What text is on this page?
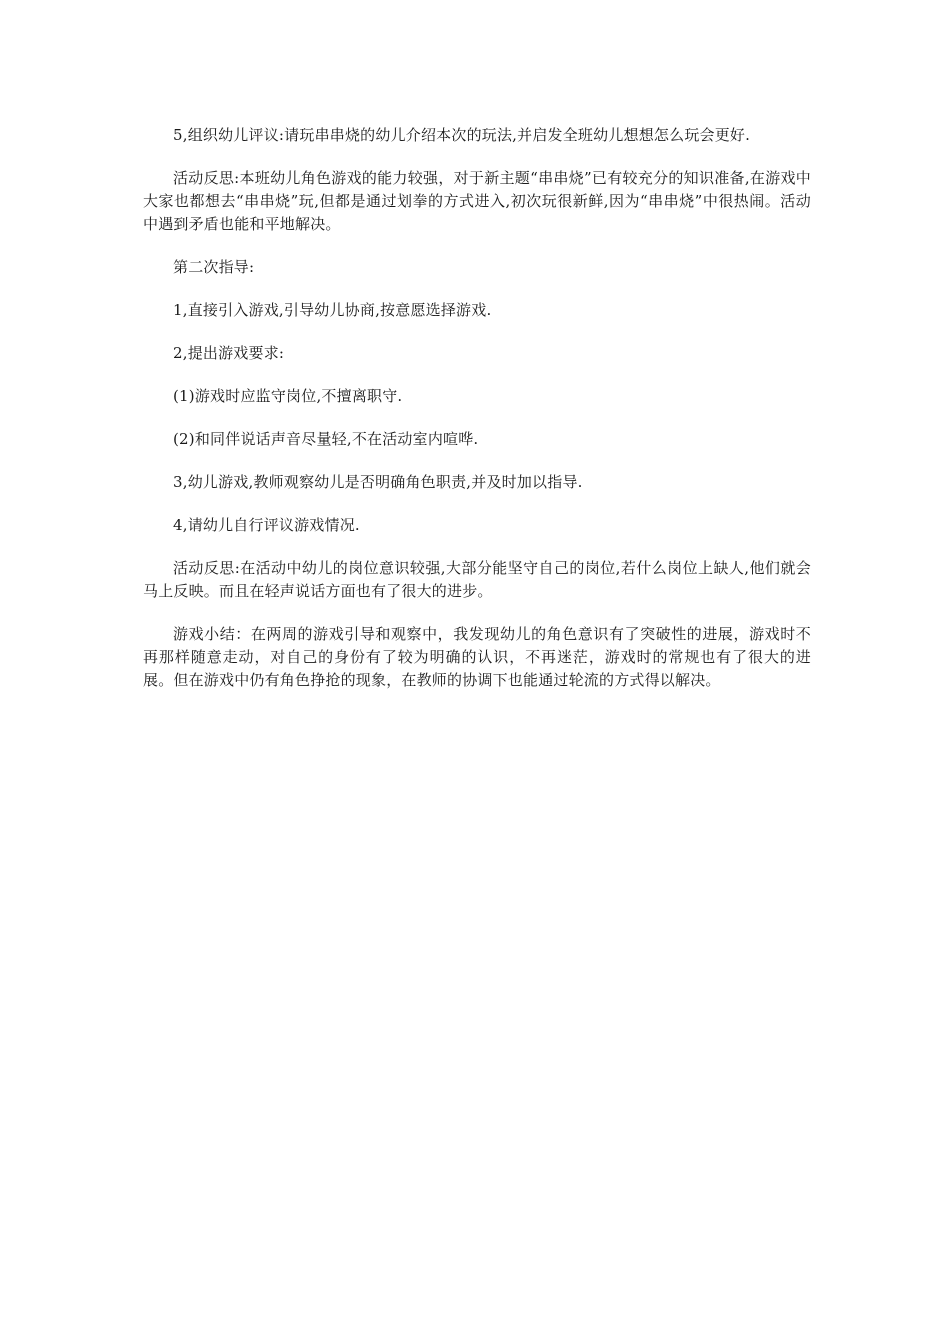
5,组织幼儿评议:请玩串串烧的幼儿介绍本次的玩法,并启发全班幼儿想想怎么玩会更好.

活动反思:本班幼儿角色游戏的能力较强，对于新主题“串串烧”已有较充分的知识准备,在游戏中大家也都想去“串串烧”玩,但都是通过划拳的方式进入,初次玩很新鲜,因为“串串烧”中很热闹。活动中遇到矛盾也能和平地解决。

第二次指导:

1,直接引入游戏,引导幼儿协商,按意愿选择游戏.

2,提出游戏要求:

(1)游戏时应监守岗位,不擅离职守.

(2)和同伴说话声音尽量轻,不在活动室内喧哗.

3,幼儿游戏,教师观察幼儿是否明确角色职责,并及时加以指导.

4,请幼儿自行评议游戏情况.

活动反思:在活动中幼儿的岗位意识较强,大部分能坚守自己的岗位,若什么岗位上缺人,他们就会马上反映。而且在轻声说话方面也有了很大的进步。

游戏小结：在两周的游戏引导和观察中，我发现幼儿的角色意识有了突破性的进展，游戏时不再那样随意走动，对自己的身份有了较为明确的认识，不再迷茫，游戏时的常规也有了很大的进展。但在游戏中仍有角色挣抢的现象，在教师的协调下也能通过轮流的方式得以解决。
